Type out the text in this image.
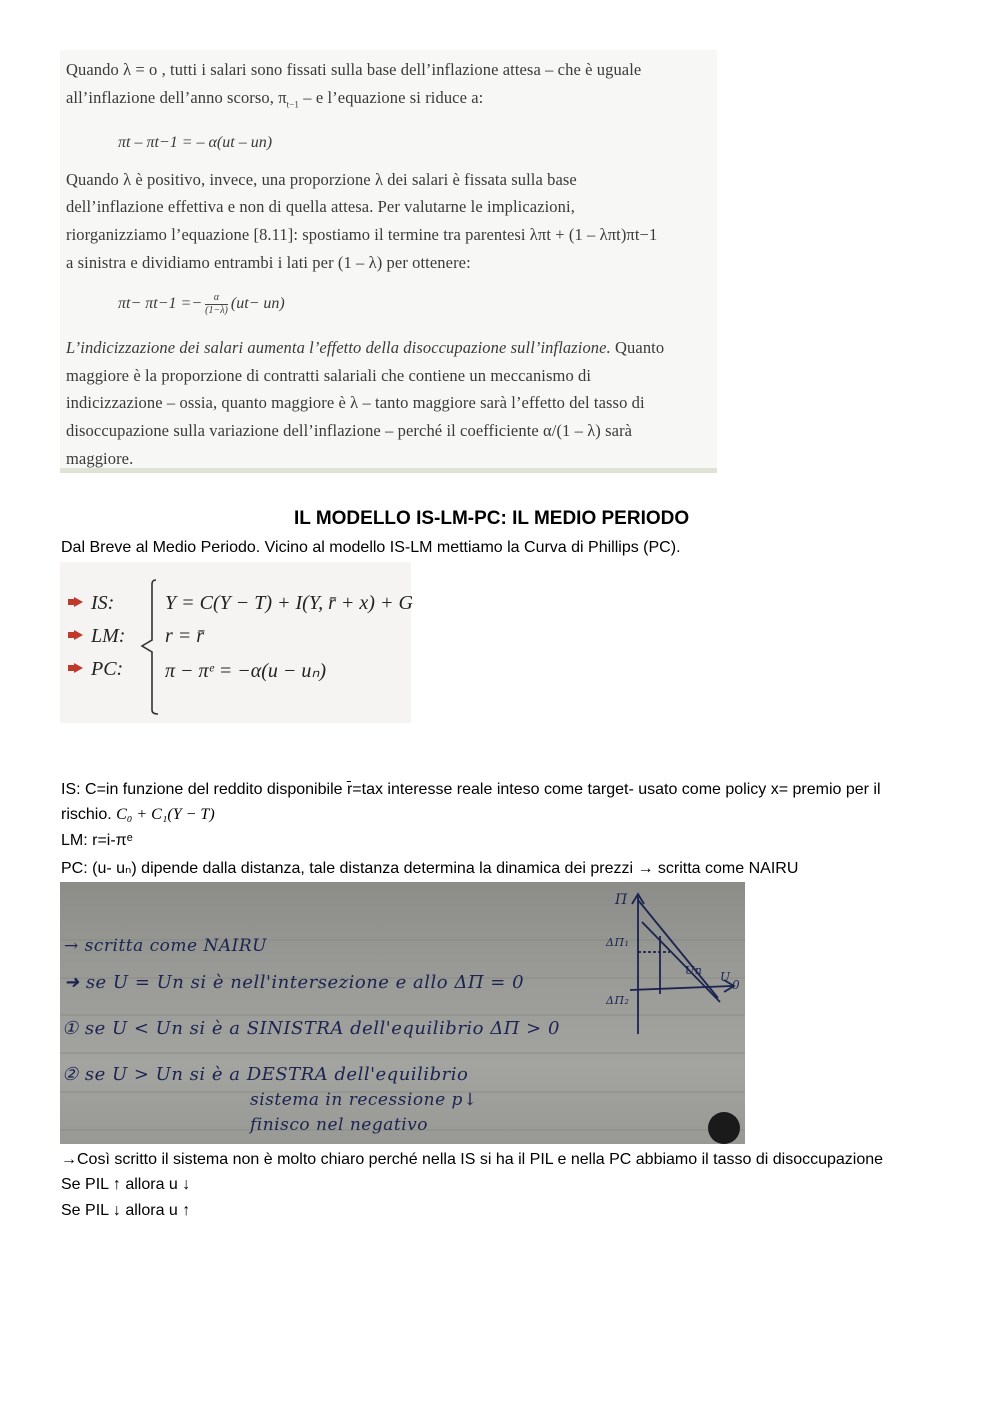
Quando λ = o , tutti i salari sono fissati sulla base dell’inflazione attesa – che è uguale
all’inflazione dell’anno scorso, $\pi_{t-1}$ – e l’equazione si riduce a:
πt – πt−1 = – α(ut – un)
Quando λ è positivo, invece, una proporzione λ dei salari è fissata sulla base
dell’inflazione effettiva e non di quella attesa. Per valutarne le implicazioni,
riorganizziamo l’equazione [8.11]: spostiamo il termine tra parentesi λπt + (1 – λπt)πt−1
a sinistra e dividiamo entrambi i lati per (1 – λ) per ottenere:
$\pi t- \pi t-1 =- \frac{\alpha}{(1-\lambda)} (ut- un)$
L’indicizzazione dei salari aumenta l’effetto della disoccupazione sull’inflazione. Quanto
maggiore è la proporzione di contratti salariali che contiene un meccanismo di
indicizzazione – ossia, quanto maggiore è λ – tanto maggiore sarà l’effetto del tasso di
disoccupazione sulla variazione dell’inflazione – perché il coefficiente α/(1 – λ) sarà
maggiore.
IL MODELLO IS-LM-PC: IL MEDIO PERIODO
Dal Breve al Medio Periodo. Vicino al modello IS-LM mettiamo la Curva di Phillips (PC).
IS:
LM:
PC:
Y = C(Y − T) + I(Y, r̄ + x) + G
r = r̄
π − πᵉ = −α(u − uₙ)
IS: C=in funzione del reddito disponibile r̄=tax interesse reale inteso come target- usato come policy x= premio per il
rischio. C₀ + C₁(Y − T)
LM: r=i-πᵉ
PC: (u- uₙ) dipende dalla distanza, tale distanza determina la dinamica dei prezzi → scritta come NAIRU
→ scritta come NAIRU
➜ se U = Un si è nell'intersezione e allo ΔΠ = 0
① se U < Un si è a SINISTRA dell'equilibrio ΔΠ > 0
② se U > Un si è a DESTRA dell'equilibrio
sistema in recessione p↓
finisco nel negativo
Π
ΔΠ₁
ΔΠ₂
Un U
0
→Così scritto il sistema non è molto chiaro perché nella IS si ha il PIL e nella PC abbiamo il tasso di disoccupazione
Se PIL ↑ allora u ↓
Se PIL ↓ allora u ↑
